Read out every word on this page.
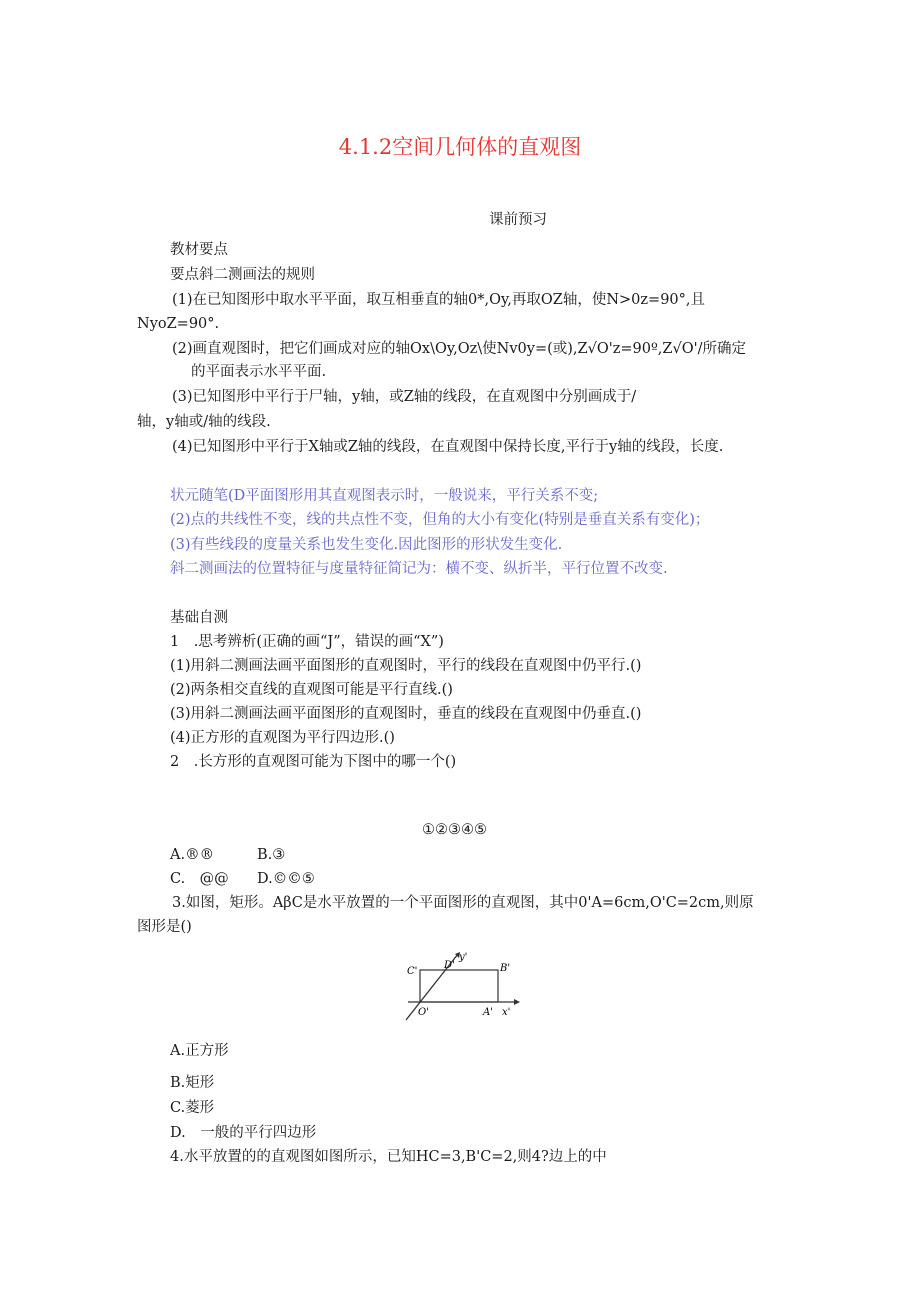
4.1.2空间几何体的直观图
课前预习
教材要点
要点斜二测画法的规则
(1)在已知图形中取水平平面，取互相垂直的轴0*,Oy,再取OZ轴，使N>0z=90°,且
NyoZ=90°.
(2)画直观图时，把它们画成对应的轴Ox\Oy,Oz\使Nv0y=(或),Z√O'z=90º,Z√O'/所确定
的平面表示水平平面.
(3)已知图形中平行于尸轴，y轴，或Z轴的线段，在直观图中分别画成于/
轴，y轴或/轴的线段.
(4)已知图形中平行于X轴或Z轴的线段，在直观图中保持长度,平行于y轴的线段，长度.
状元随笔(D平面图形用其直观图表示时，一般说来，平行关系不变;
(2)点的共线性不变，线的共点性不变，但角的大小有变化(特别是垂直关系有变化)；
(3)有些线段的度量关系也发生变化.因此图形的形状发生变化.
斜二测画法的位置特征与度量特征简记为：横不变、纵折半，平行位置不改变.
基础自测
1　.思考辨析(正确的画“J”，错误的画“X”)
(1)用斜二测画法画平面图形的直观图时，平行的线段在直观图中仍平行.()
(2)两条相交直线的直观图可能是平行直线.()
(3)用斜二测画法画平面图形的直观图时，垂直的线段在直观图中仍垂直.()
(4)正方形的直观图为平行四边形.()
2　.长方形的直观图可能为下图中的哪一个()
①②③④⑤
A.®®	B.③
C.　@@ D.©©⑤
3.如图，矩形。AβC是水平放置的一个平面图形的直观图，其中0'A=6cm,O'C=2cm,则原
图形是()
C'
D'
y'
B'
O'	A' x'
A.正方形
B.矩形
C.菱形
D.　一般的平行四边形
4.水平放置的的直观图如图所示，已知HC=3,B'C=2,则4?边上的中
